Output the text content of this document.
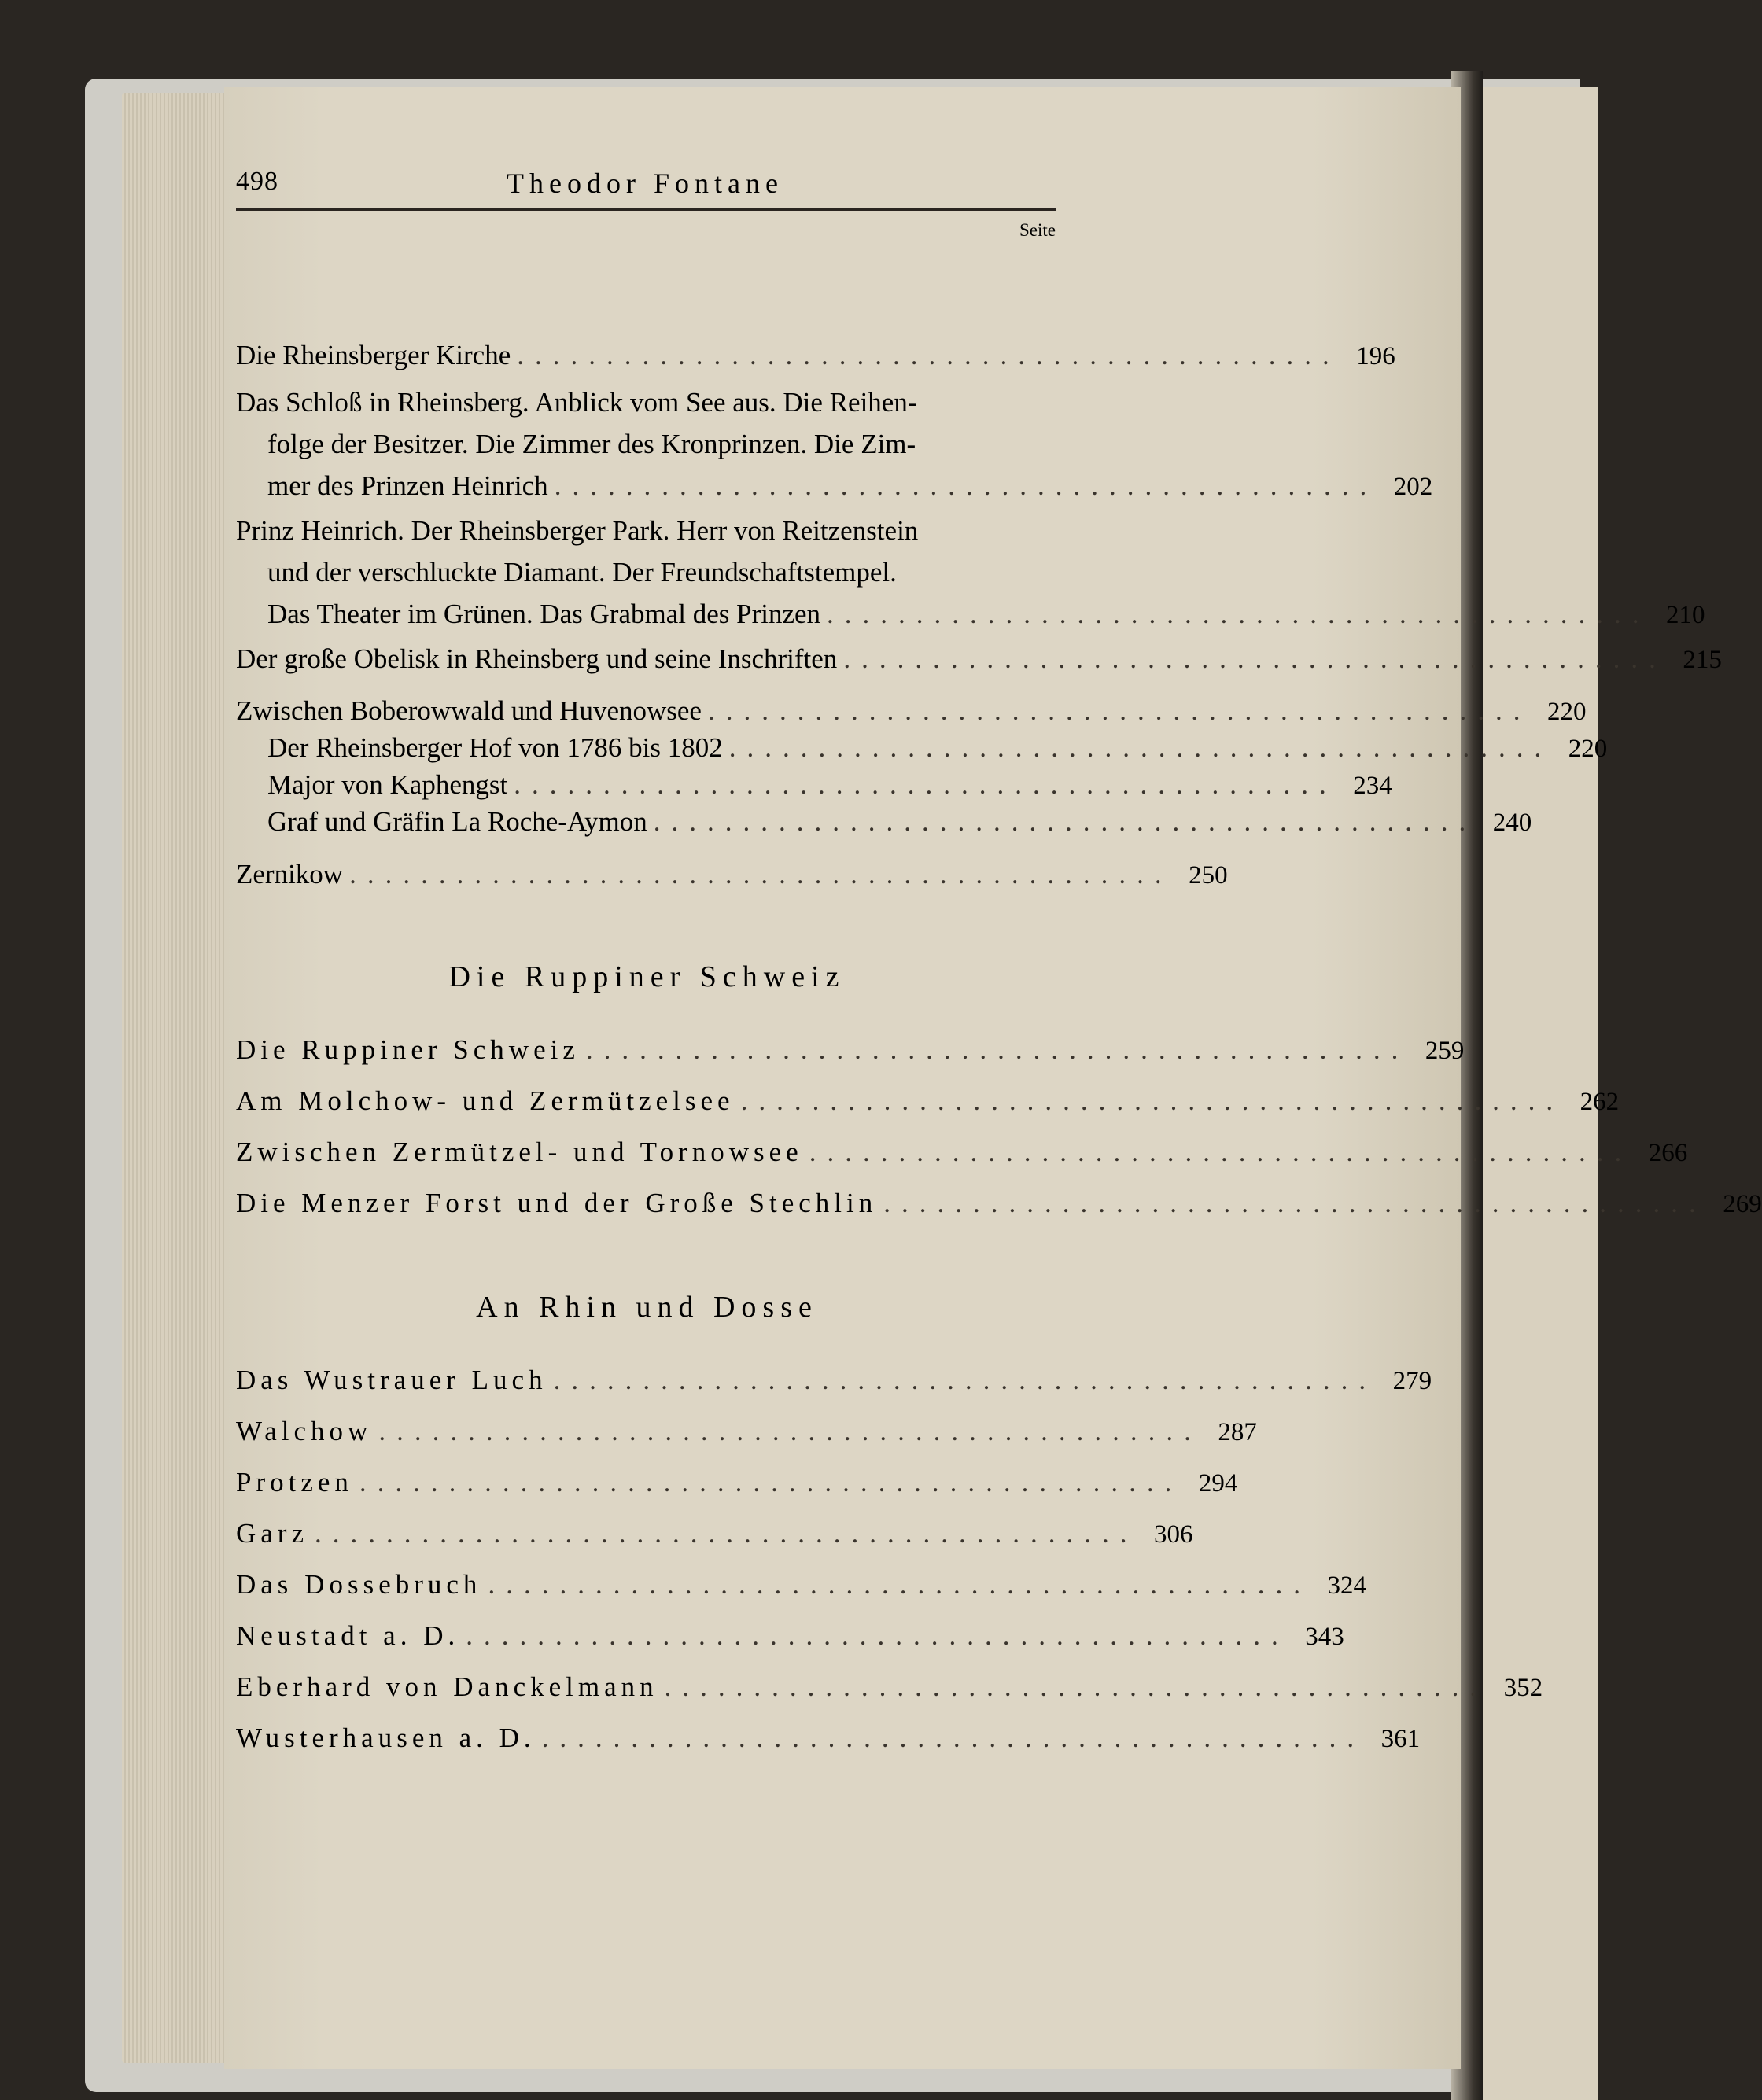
498	Theodor Fontane
Seite
Die Rheinsberger Kirche .............................................. 196
Das Schloß in Rheinsberg. Anblick vom See aus. Die Reihen-
folge der Besitzer. Die Zimmer des Kronprinzen. Die Zim-
mer des Prinzen Heinrich .............................................. 202
Prinz Heinrich. Der Rheinsberger Park. Herr von Reitzenstein
und der verschluckte Diamant. Der Freundschaftstempel.
Das Theater im Grünen. Das Grabmal des Prinzen .............................................. 210
Der große Obelisk in Rheinsberg und seine Inschriften .............................................. 215
Zwischen Boberowwald und Huvenowsee .............................................. 220
Der Rheinsberger Hof von 1786 bis 1802 .............................................. 220
Major von Kaphengst .............................................. 234
Graf und Gräfin La Roche-Aymon .............................................. 240
Zernikow .............................................. 250
Die Ruppiner Schweiz
Die Ruppiner Schweiz .............................................. 259
Am Molchow- und Zermützelsee .............................................. 262
Zwischen Zermützel- und Tornowsee .............................................. 266
Die Menzer Forst und der Große Stechlin .............................................. 269
An Rhin und Dosse
Das Wustrauer Luch .............................................. 279
Walchow .............................................. 287
Protzen .............................................. 294
Garz .............................................. 306
Das Dossebruch .............................................. 324
Neustadt a. D. .............................................. 343
Eberhard von Danckelmann .............................................. 352
Wusterhausen a. D. .............................................. 361
